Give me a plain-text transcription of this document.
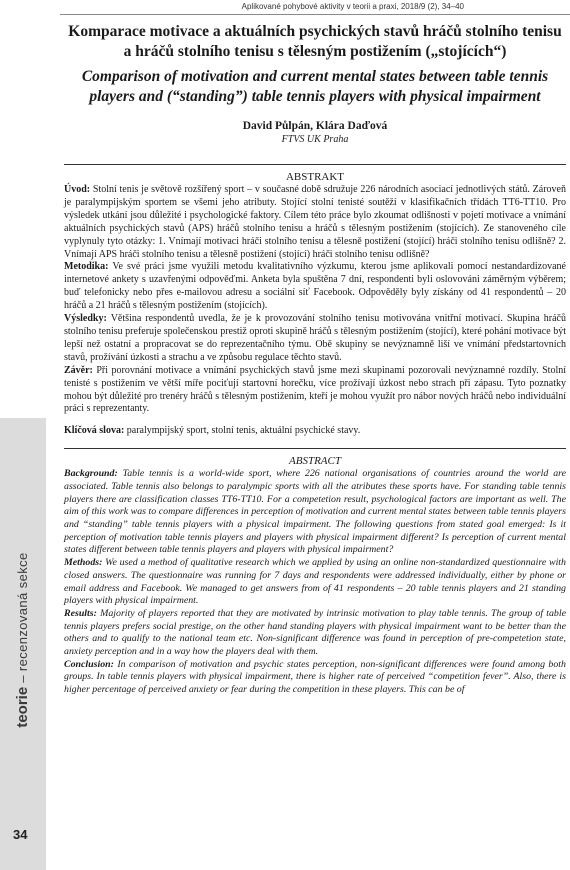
Aplikované pohybové aktivity v teorii a praxi, 2018/9 (2), 34–40
teorie – recenzovaná sekce
34
Komparace motivace a aktuálních psychických stavů hráčů stolního tenisu a hráčů stolního tenisu s tělesným postižením („stojících“)
Comparison of motivation and current mental states between table tennis players and (“standing”) table tennis players with physical impairment
David Půlpán, Klára Daďová
FTVS UK Praha
ABSTRAKT

Úvod: Stolní tenis je světově rozšířený sport – v současné době sdružuje 226 národních asociací jednotlivých států. Zároveň je paralympijským sportem se všemi jeho atributy. Stojící stolní tenisté soutěží v klasifikačních třídách TT6-TT10. Pro výsledek utkání jsou důležité i psychologické faktory. Cílem této práce bylo zkoumat odlišnosti v pojetí motivace a vnímání aktuálních psychických stavů (APS) hráčů stolního tenisu a hráčů s tělesným postižením (stojících). Ze stanoveného cíle vyplynuly tyto otázky: 1. Vnímají motivaci hráči stolního tenisu a tělesně postižení (stojící) hráči stolního tenisu odlišně? 2. Vnímají APS hráči stolního tenisu a tělesně postižení (stojící) hráči stolního tenisu odlišně?

Metodika: Ve své práci jsme využili metodu kvalitativního výzkumu, kterou jsme aplikovali pomocí nestandardizované internetové ankety s uzavřenými odpověďmi. Anketa byla spuštěna 7 dní, respondenti byli oslovováni záměrným výběrem; buď telefonicky nebo přes e-mailovou adresu a sociální síť Facebook. Odpověděly byly získány od 41 respondentů – 20 hráčů a 21 hráčů s tělesným postižením (stojících).

Výsledky: Většina respondentů uvedla, že je k provozování stolního tenisu motivována vnitřní motivací. Skupina hráčů stolního tenisu preferuje společenskou prestiž oproti skupině hráčů s tělesným postižením (stojící), které pohání motivace být lepší než ostatní a propracovat se do reprezentačního týmu. Obě skupiny se nevýznamně liší ve vnímání předstartovních stavů, prožívání úzkosti a strachu a ve způsobu regulace těchto stavů.

Závěr: Při porovnání motivace a vnímání psychických stavů jsme mezi skupinami pozorovali nevýznamné rozdíly. Stolní tenisté s postižením ve větší míře pociťují startovní horečku, více prožívají úzkost nebo strach při zápasu. Tyto poznatky mohou být důležité pro trenéry hráčů s tělesným postižením, kteří je mohou využít pro nábor nových hráčů nebo individuální práci s reprezentanty.

Klíčová slova: paralympijský sport, stolní tenis, aktuální psychické stavy.

ABSTRACT

Background: Table tennis is a world-wide sport, where 226 national organisations of countries around the world are associated. Table tennis also belongs to paralympic sports with all the atributes these sports have. For standing table tennis players there are classification classes TT6-TT10. For a competetion result, psychological factors are important as well. The aim of this work was to compare differences in perception of motivation and current mental states between table tennis players and “standing” table tennis players with a physical impairment. The following questions from stated goal emerged: Is it perception of motivation table tennis players and players with physical impairment different? Is perception of current mental states different between table tennis players and players with physical impairment?

Methods: We used a method of qualitative research which we applied by using an online non-standardized questionnaire with closed answers. The questionnaire was running for 7 days and respondents were addressed individually, either by phone or email address and Facebook. We managed to get answers from of 41 respondents – 20 table tennis players and 21 standing players with physical impairment.

Results: Majority of players reported that they are motivated by intrinsic motivation to play table tennis. The group of table tennis players prefers social prestige, on the other hand standing players with physical impairment want to be better than the others and to qualify to the national team etc. Non-significant difference was found in perception of pre-competetion state, anxiety perception and in a way how the players deal with them.

Conclusion: In comparison of motivation and psychic states perception, non-significant differences were found among both groups. In table tennis players with physical impairment, there is higher rate of perceived “competition fever”. Also, there is higher percentage of perceived anxiety or fear during the competition in these players. This can be of
